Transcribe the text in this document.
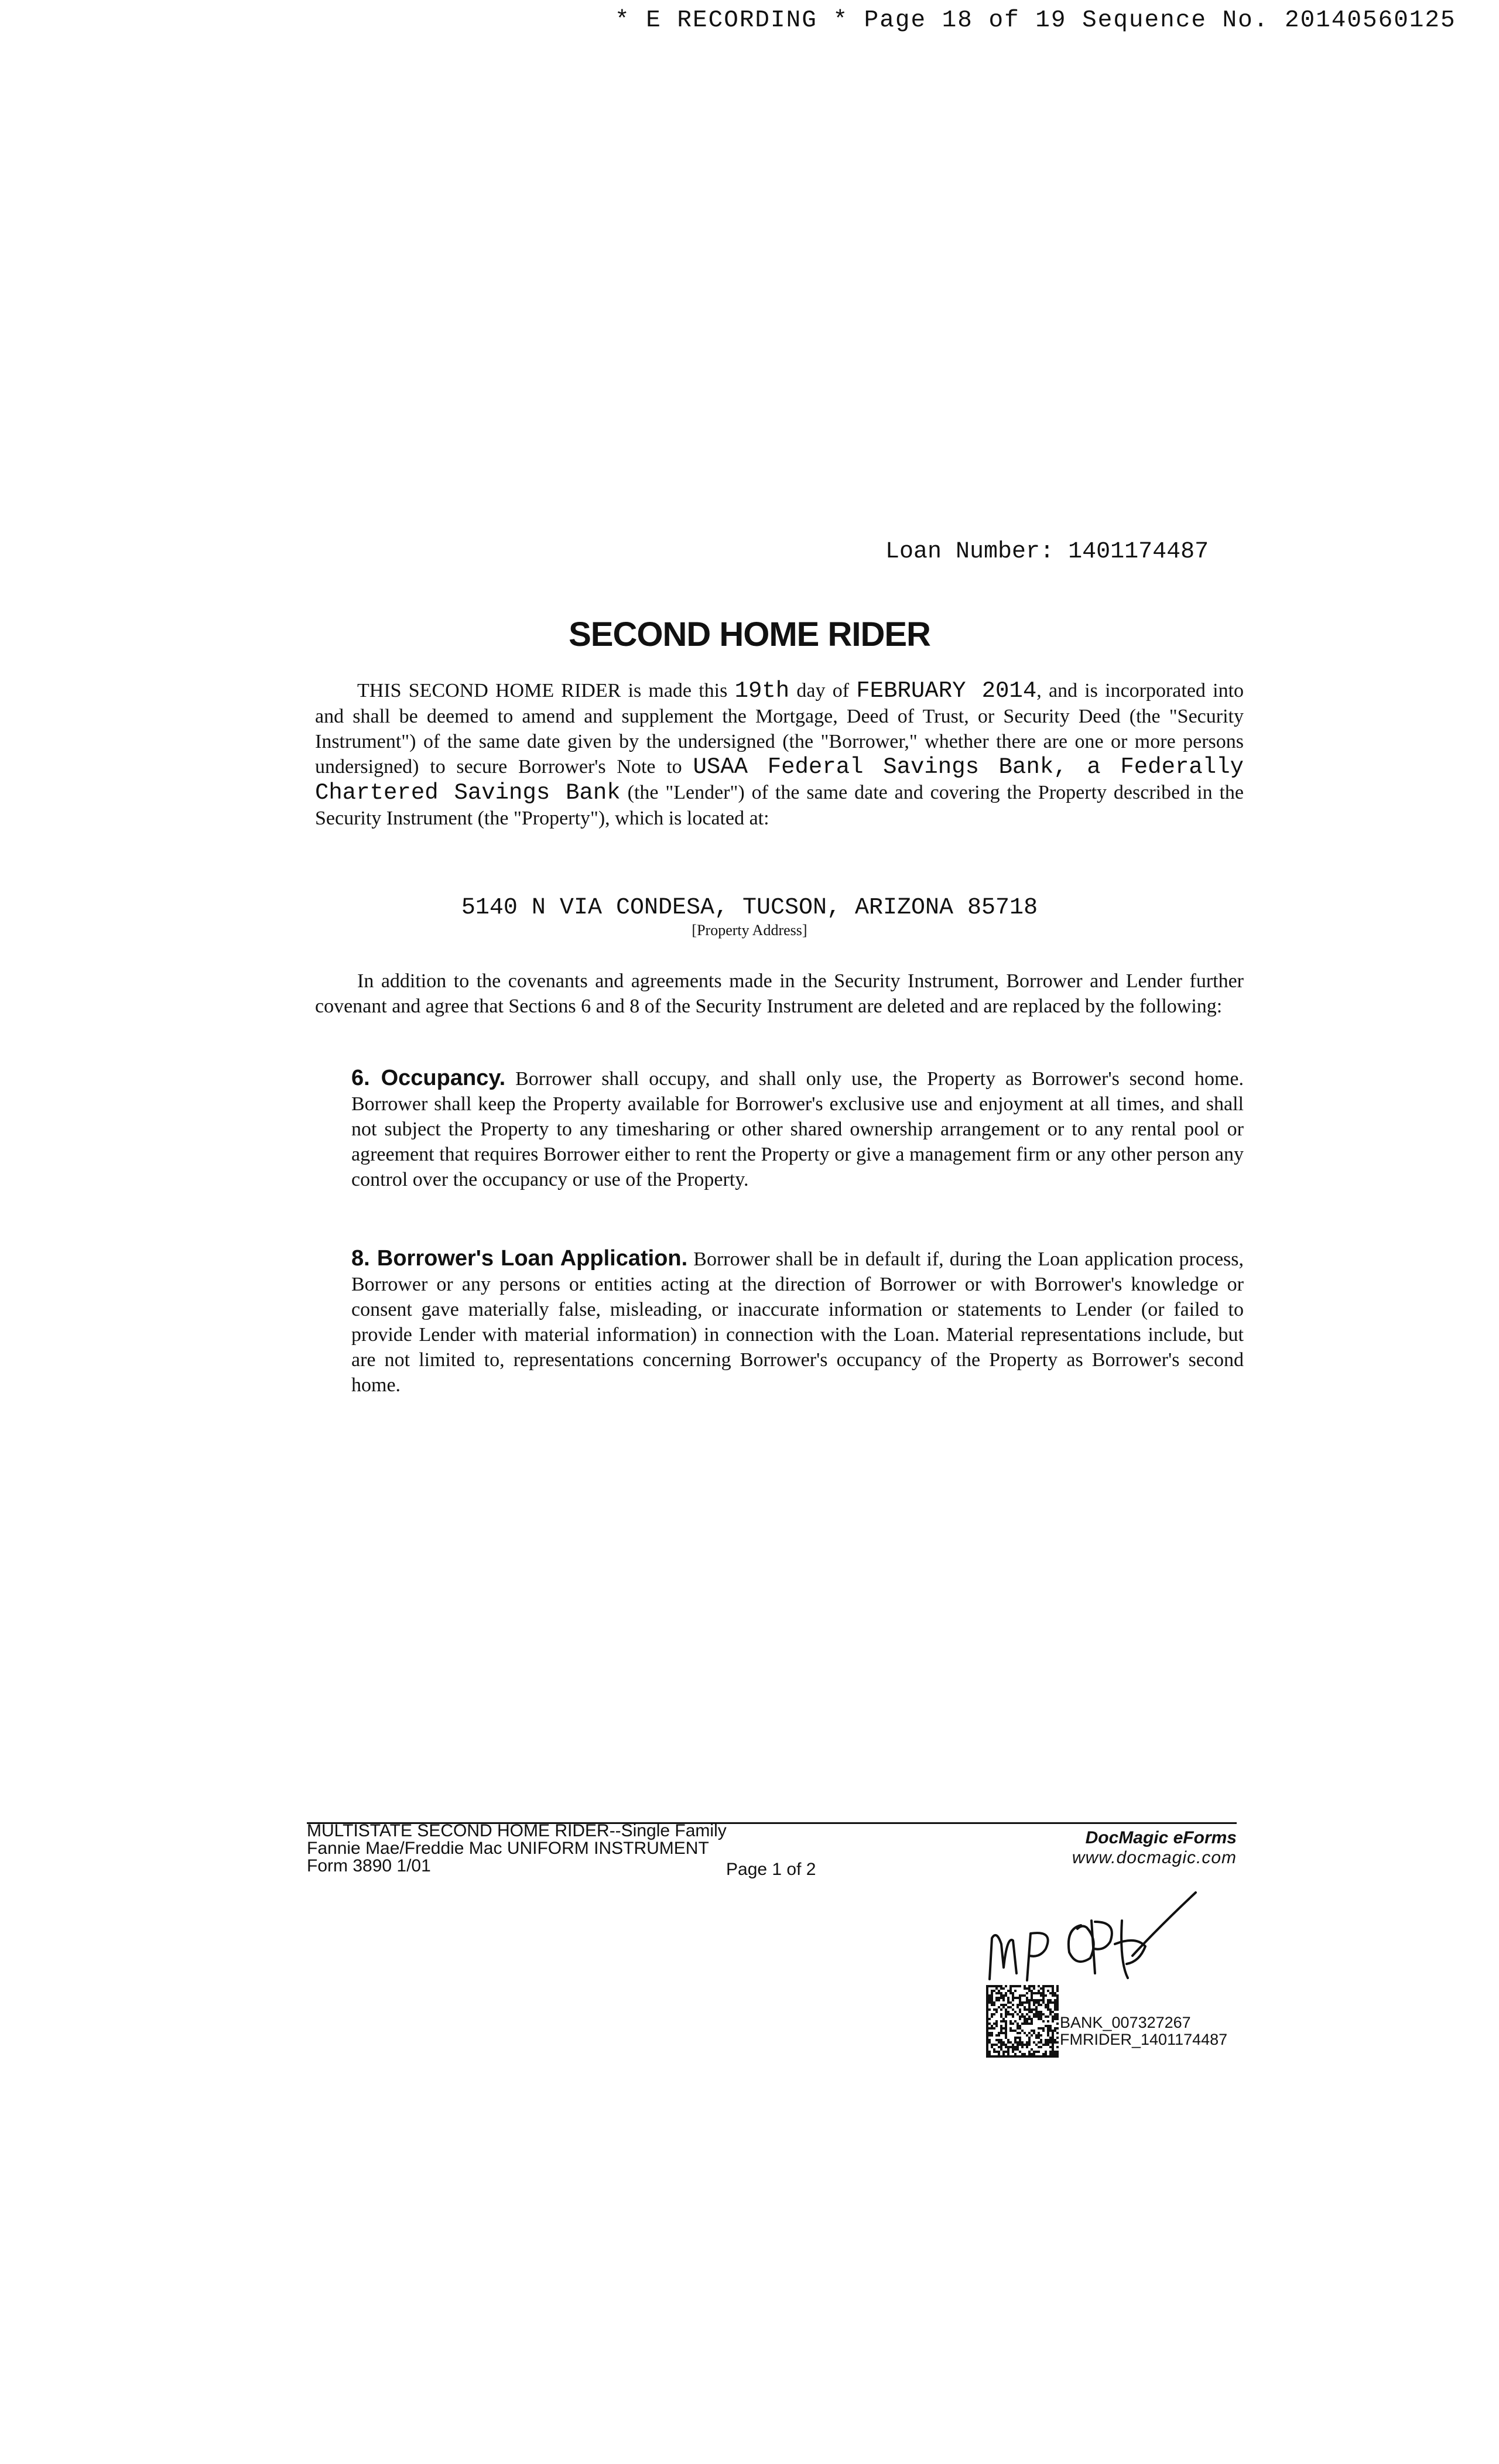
* E RECORDING * Page 18 of 19 Sequence No. 20140560125
Loan Number: 1401174487
SECOND HOME RIDER
THIS SECOND HOME RIDER is made this 19th day of FEBRUARY 2014, and is incorporated into and shall be deemed to amend and supplement the Mortgage, Deed of Trust, or Security Deed (the "Security Instrument") of the same date given by the undersigned (the "Borrower," whether there are one or more persons undersigned) to secure Borrower's Note to USAA Federal Savings Bank, a Federally Chartered Savings Bank (the "Lender") of the same date and covering the Property described in the Security Instrument (the "Property"), which is located at:
5140 N VIA CONDESA, TUCSON, ARIZONA 85718
[Property Address]
In addition to the covenants and agreements made in the Security Instrument, Borrower and Lender further covenant and agree that Sections 6 and 8 of the Security Instrument are deleted and are replaced by the following:
6. Occupancy. Borrower shall occupy, and shall only use, the Property as Borrower's second home. Borrower shall keep the Property available for Borrower's exclusive use and enjoyment at all times, and shall not subject the Property to any timesharing or other shared ownership arrangement or to any rental pool or agreement that requires Borrower either to rent the Property or give a management firm or any other person any control over the occupancy or use of the Property.
8. Borrower's Loan Application. Borrower shall be in default if, during the Loan application process, Borrower or any persons or entities acting at the direction of Borrower or with Borrower's knowledge or consent gave materially false, misleading, or inaccurate information or statements to Lender (or failed to provide Lender with material information) in connection with the Loan. Material representations include, but are not limited to, representations concerning Borrower's occupancy of the Property as Borrower's second home.
MULTISTATE SECOND HOME RIDER--Single Family
Fannie Mae/Freddie Mac UNIFORM INSTRUMENT
Form 3890 1/01	Page 1 of 2
DocMagic eForms
www.docmagic.com
BANK_007327267
FMRIDER_1401174487
